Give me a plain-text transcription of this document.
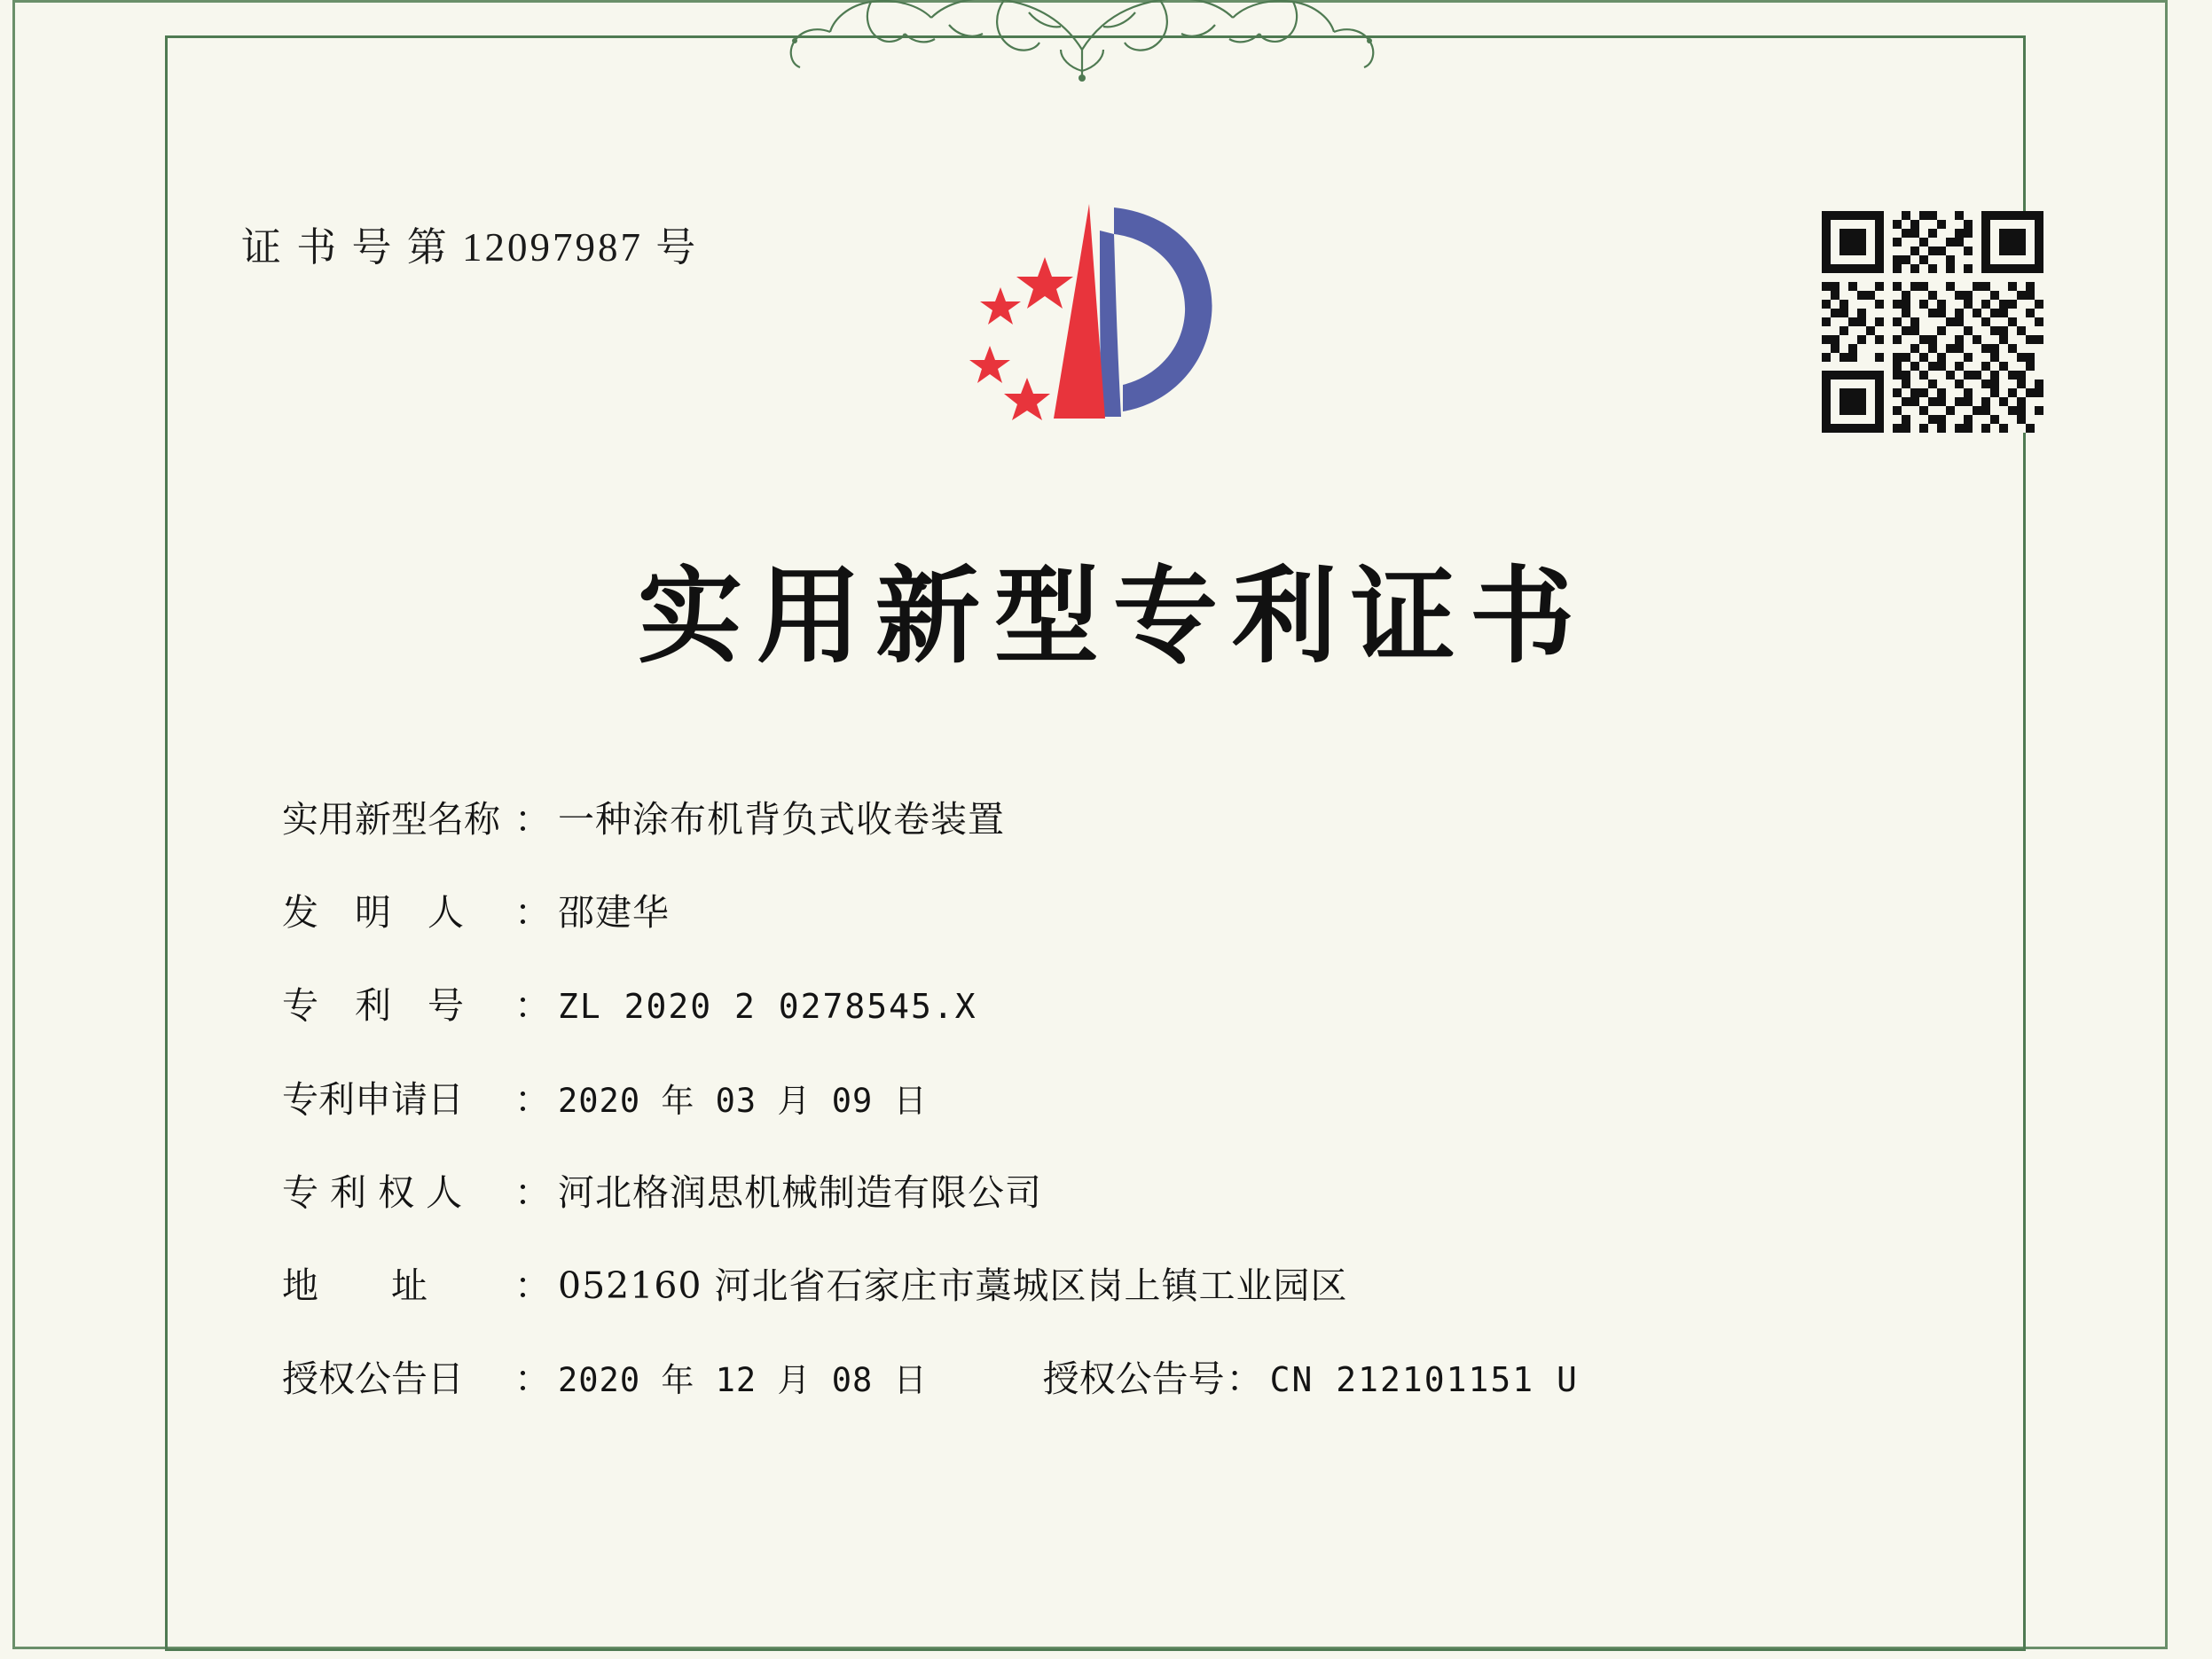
证 书 号 第 12097987 号
实用新型专利证书
实用新型名称 ： 一种涂布机背负式收卷装置
发　明　人	： 邵建华
专　利　号	： ZL 2020 2 0278545.X
专利申请日	： 2020 年 03 月 09 日
专 利 权 人	： 河北格润思机械制造有限公司
地　　址	： 052160 河北省石家庄市藁城区岗上镇工业园区
授权公告日	： 2020 年 12 月 08 日	授权公告号 ： CN 212101151 U
